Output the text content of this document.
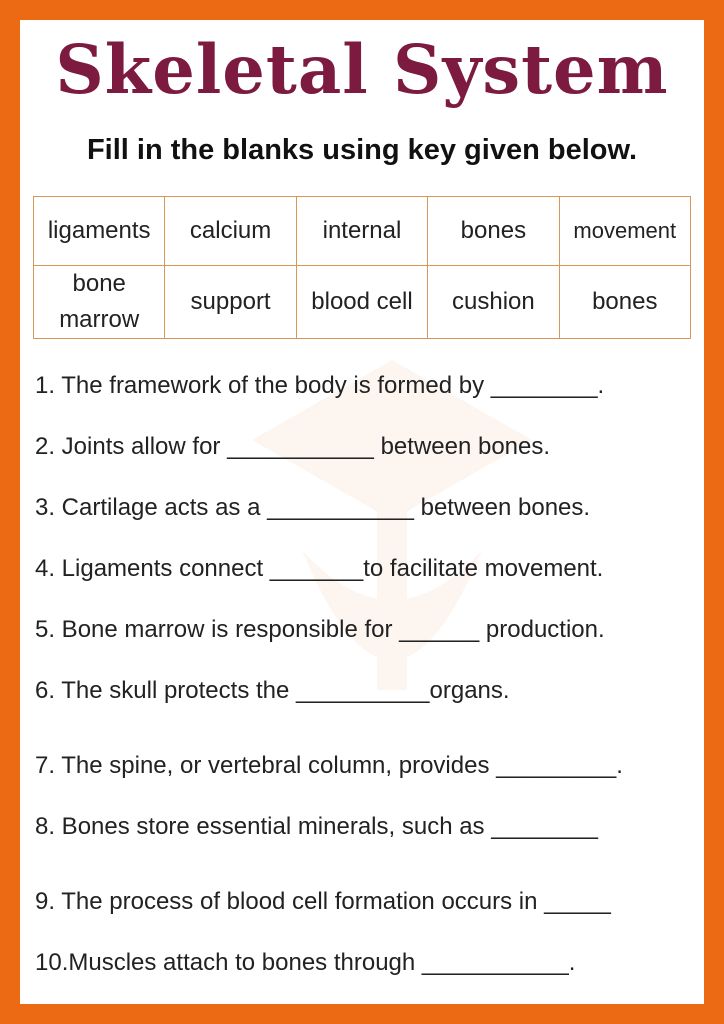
Skeletal System
Fill in the blanks using key given below.
ligaments	calcium	internal	bones	movement
bone marrow	support	blood cell	cushion	bones
1. The framework of the body is formed by ________.
2. Joints allow for ___________ between bones.
3. Cartilage acts as a ___________ between bones.
4. Ligaments connect _______to facilitate movement.
5. Bone marrow is responsible for ______ production.
6. The skull protects the __________organs.
7. The spine, or vertebral column, provides _________.
8. Bones store essential minerals, such as ________
9. The process of blood cell formation occurs in _____
10.Muscles attach to bones through ___________.
